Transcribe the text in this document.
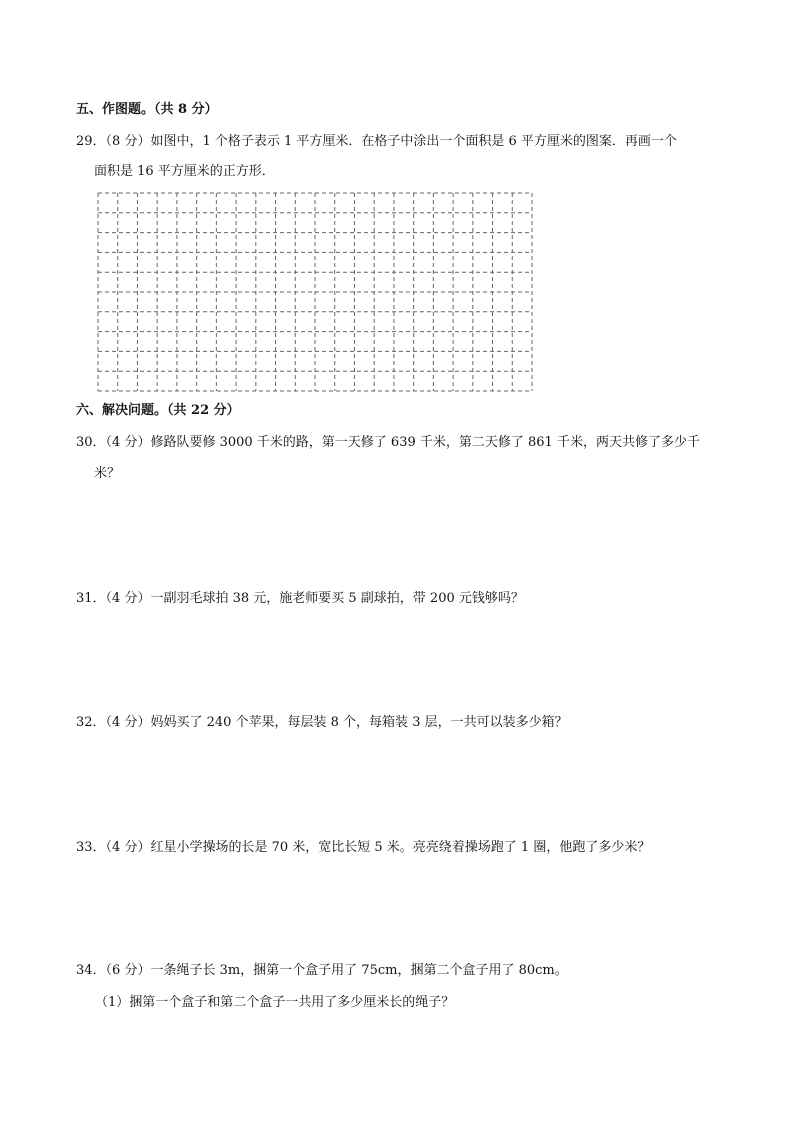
五、作图题。（共 8 分）
29．（8 分）如图中，1 个格子表示 1 平方厘米．在格子中涂出一个面积是 6 平方厘米的图案．再画一个
面积是 16 平方厘米的正方形．
六、解决问题。（共 22 分）
30．（4 分）修路队要修 3000 千米的路，第一天修了 639 千米，第二天修了 861 千米，两天共修了多少千
米？
31．（4 分）一副羽毛球拍 38 元，施老师要买 5 副球拍，带 200 元钱够吗？
32．（4 分）妈妈买了 240 个苹果，每层装 8 个，每箱装 3 层，一共可以装多少箱？
33．（4 分）红星小学操场的长是 70 米，宽比长短 5 米。亮亮绕着操场跑了 1 圈，他跑了多少米？
34．（6 分）一条绳子长 3m，捆第一个盒子用了 75cm，捆第二个盒子用了 80cm。
（1）捆第一个盒子和第二个盒子一共用了多少厘米长的绳子？
